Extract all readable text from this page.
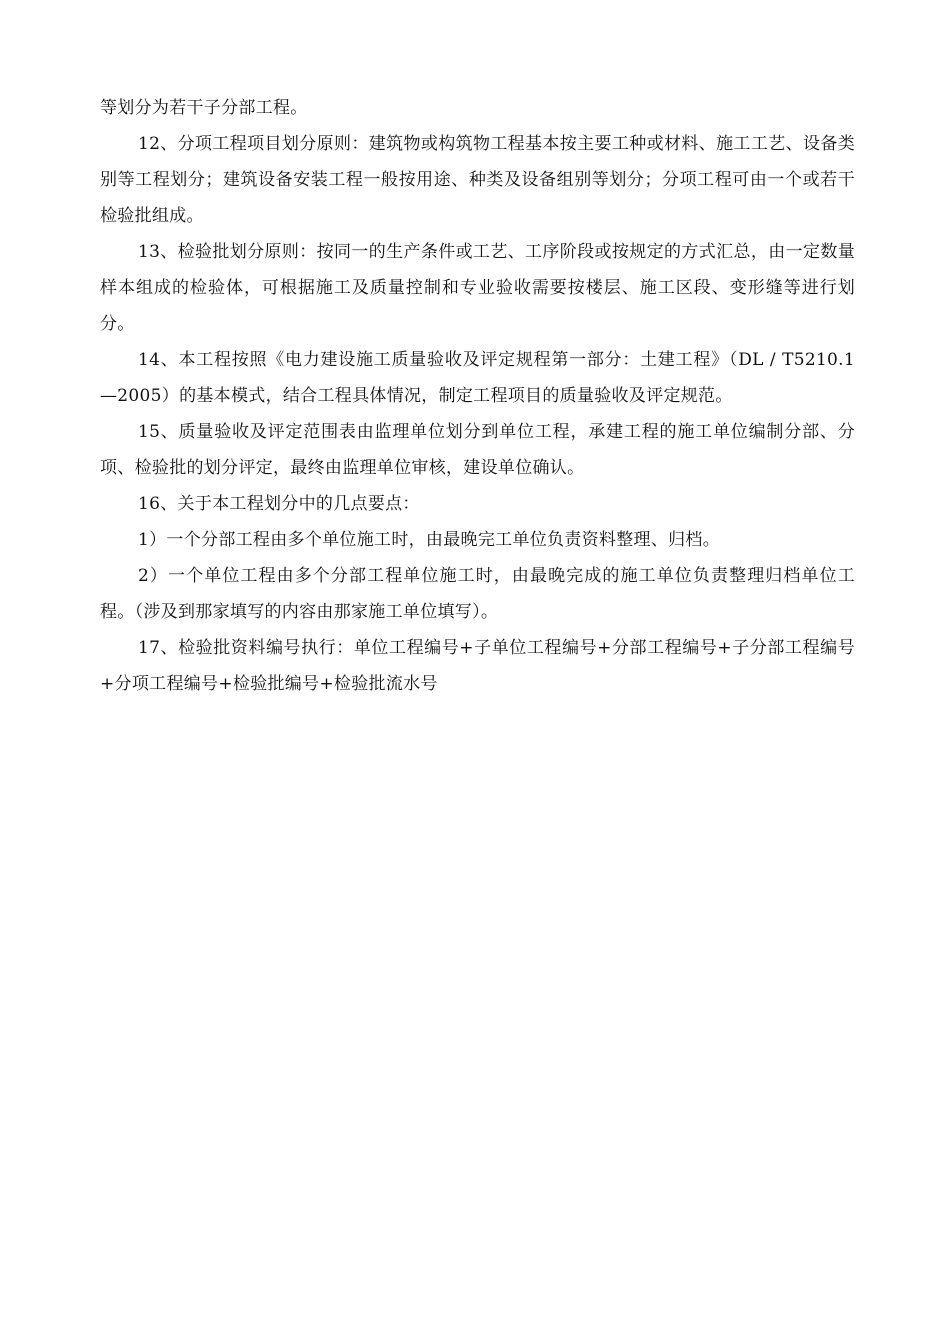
等划分为若干子分部工程。

12、分项工程项目划分原则：建筑物或构筑物工程基本按主要工种或材料、施工工艺、设备类别等工程划分；建筑设备安装工程一般按用途、种类及设备组别等划分；分项工程可由一个或若干检验批组成。

13、检验批划分原则：按同一的生产条件或工艺、工序阶段或按规定的方式汇总，由一定数量样本组成的检验体，可根据施工及质量控制和专业验收需要按楼层、施工区段、变形缝等进行划分。

14、本工程按照《电力建设施工质量验收及评定规程第一部分：土建工程》（DL / T5210.1—2005）的基本模式，结合工程具体情况，制定工程项目的质量验收及评定规范。

15、质量验收及评定范围表由监理单位划分到单位工程，承建工程的施工单位编制分部、分项、检验批的划分评定，最终由监理单位审核，建设单位确认。

16、关于本工程划分中的几点要点：

1）一个分部工程由多个单位施工时，由最晚完工单位负责资料整理、归档。

2）一个单位工程由多个分部工程单位施工时，由最晚完成的施工单位负责整理归档单位工程。（涉及到那家填写的内容由那家施工单位填写）。

17、检验批资料编号执行：单位工程编号+子单位工程编号+分部工程编号+子分部工程编号+分项工程编号+检验批编号+检验批流水号
